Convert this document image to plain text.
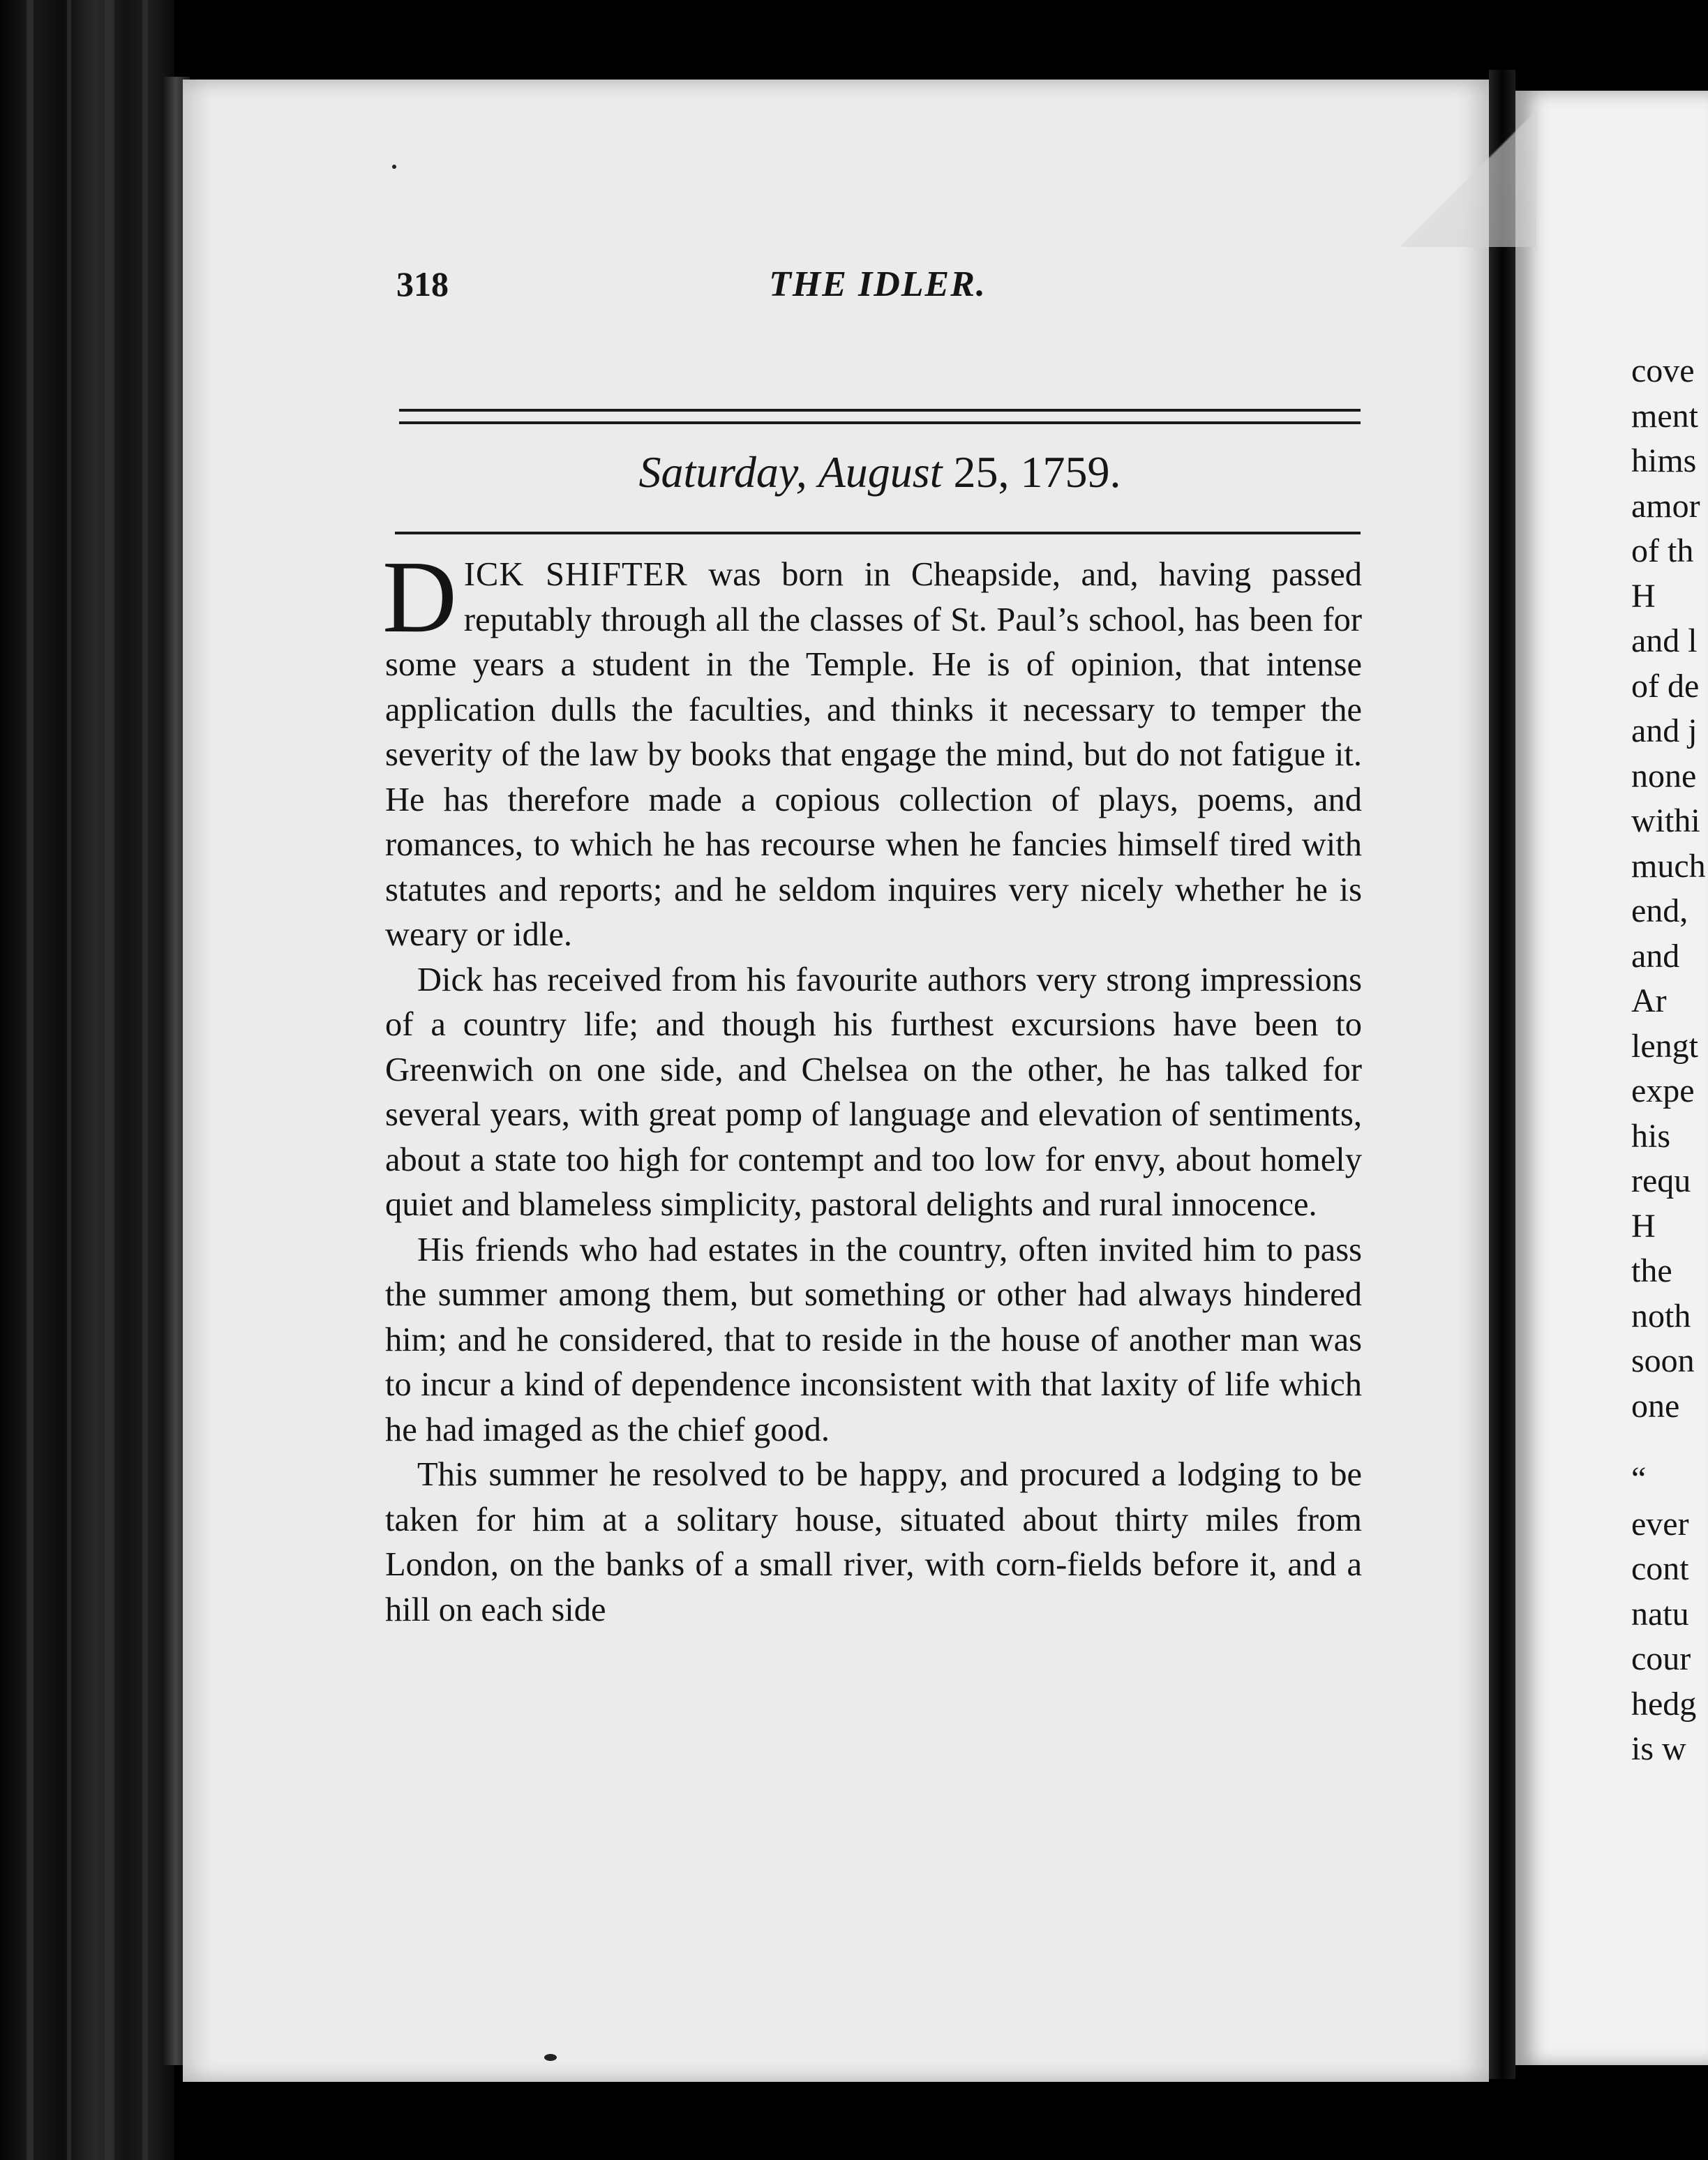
cove
ment
hims
amor
of th
H
and l
of de
and j
none
withi
much
end,
and
Ar
lengt
expe
his
requ
H
the
noth
soon
one
“
ever
cont
natu
cour
hedg
is w
318	THE IDLER.
Saturday, August 25, 1759.

DICK SHIFTER was born in Cheapside, and, having passed reputably through all the classes of St. Paul’s school, has been for some years a student in the Temple. He is of opinion, that intense application dulls the faculties, and thinks it necessary to temper the severity of the law by books that engage the mind, but do not fatigue it. He has therefore made a copious collection of plays, poems, and romances, to which he has recourse when he fancies himself tired with statutes and reports; and he seldom inquires very nicely whether he is weary or idle.

Dick has received from his favourite authors very strong impressions of a country life; and though his furthest excursions have been to Greenwich on one side, and Chelsea on the other, he has talked for several years, with great pomp of language and elevation of sentiments, about a state too high for contempt and too low for envy, about homely quiet and blameless simplicity, pastoral delights and rural innocence.

His friends who had estates in the country, often invited him to pass the summer among them, but something or other had always hindered him; and he considered, that to reside in the house of another man was to incur a kind of dependence inconsistent with that laxity of life which he had imaged as the chief good.

This summer he resolved to be happy, and procured a lodging to be taken for him at a solitary house, situated about thirty miles from London, on the banks of a small river, with corn-fields before it, and a hill on each side
